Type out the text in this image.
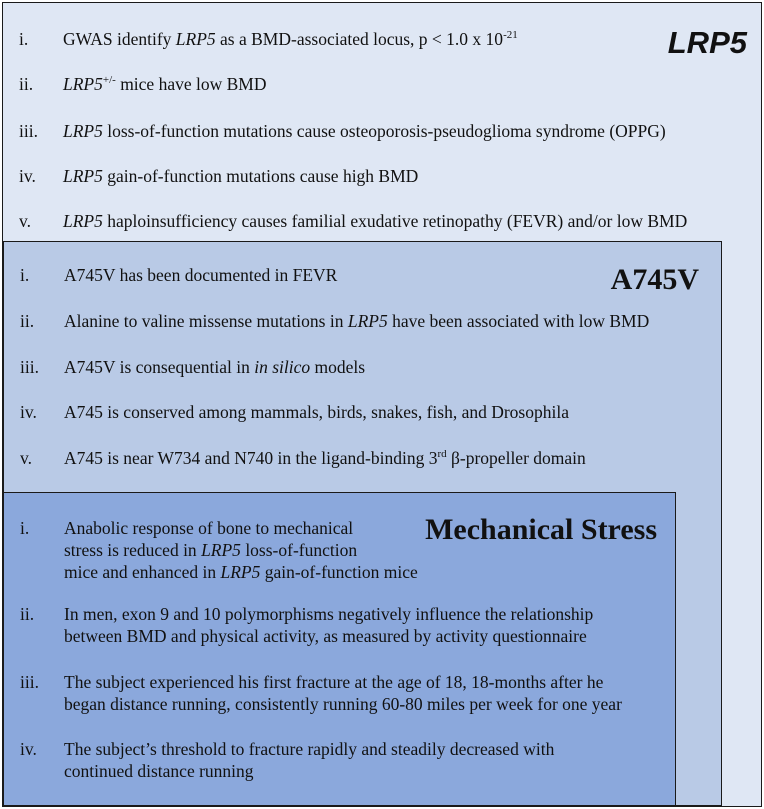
LRP5
i. GWAS identify LRP5 as a BMD-associated locus, p < 1.0 x $10^{-21}$
ii. LRP5+/- mice have low BMD
iii. LRP5 loss-of-function mutations cause osteoporosis-pseudoglioma syndrome (OPPG)
iv. LRP5 gain-of-function mutations cause high BMD
v. LRP5 haploinsufficiency causes familial exudative retinopathy (FEVR) and/or low BMD
A745V
i. A745V has been documented in FEVR
ii. Alanine to valine missense mutations in LRP5 have been associated with low BMD
iii. A745V is consequential in in silico models
iv. A745 is conserved among mammals, birds, snakes, fish, and Drosophila
v. A745 is near W734 and N740 in the ligand-binding 3rd β-propeller domain
Mechanical Stress
i. Anabolic response of bone to mechanical
stress is reduced in LRP5 loss-of-function
mice and enhanced in LRP5 gain-of-function mice
ii. In men, exon 9 and 10 polymorphisms negatively influence the relationship
between BMD and physical activity, as measured by activity questionnaire
iii. The subject experienced his first fracture at the age of 18, 18-months after he
began distance running, consistently running 60-80 miles per week for one year
iv. The subject’s threshold to fracture rapidly and steadily decreased with
continued distance running
